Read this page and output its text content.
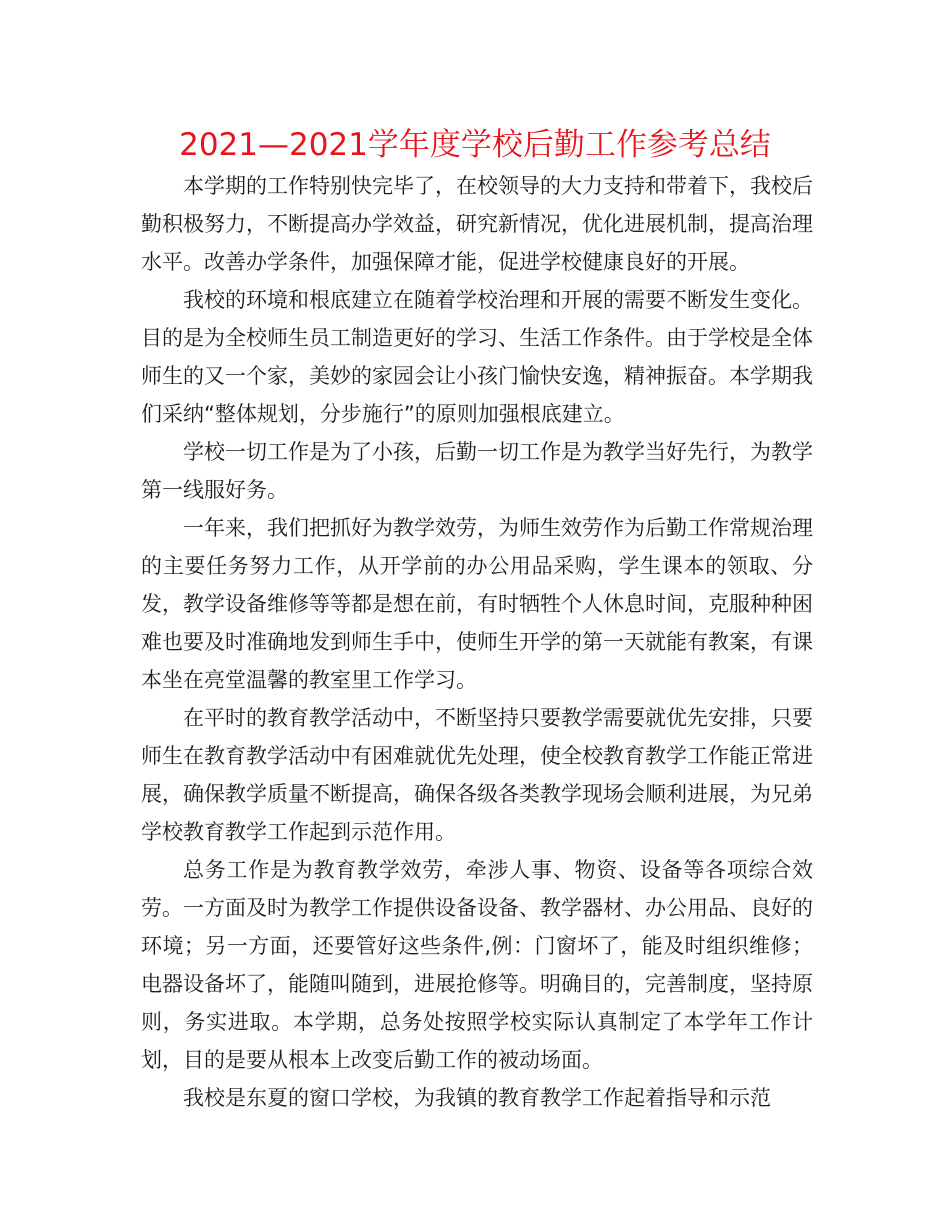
2021—2021学年度学校后勤工作参考总结

本学期的工作特别快完毕了，在校领导的大力支持和带着下，我校后勤积极努力，不断提高办学效益，研究新情况，优化进展机制，提高治理水平。改善办学条件，加强保障才能，促进学校健康良好的开展。

我校的环境和根底建立在随着学校治理和开展的需要不断发生变化。目的是为全校师生员工制造更好的学习、生活工作条件。由于学校是全体师生的又一个家，美妙的家园会让小孩门愉快安逸，精神振奋。本学期我们采纳“整体规划，分步施行”的原则加强根底建立。

学校一切工作是为了小孩，后勤一切工作是为教学当好先行，为教学第一线服好务。

一年来，我们把抓好为教学效劳，为师生效劳作为后勤工作常规治理的主要任务努力工作，从开学前的办公用品采购，学生课本的领取、分发，教学设备维修等等都是想在前，有时牺牲个人休息时间，克服种种困难也要及时准确地发到师生手中，使师生开学的第一天就能有教案，有课本坐在亮堂温馨的教室里工作学习。

在平时的教育教学活动中，不断坚持只要教学需要就优先安排，只要师生在教育教学活动中有困难就优先处理，使全校教育教学工作能正常进展，确保教学质量不断提高，确保各级各类教学现场会顺利进展，为兄弟学校教育教学工作起到示范作用。

总务工作是为教育教学效劳，牵涉人事、物资、设备等各项综合效劳。一方面及时为教学工作提供设备设备、教学器材、办公用品、良好的环境；另一方面，还要管好这些条件,例：门窗坏了，能及时组织维修；电器设备坏了，能随叫随到，进展抢修等。明确目的，完善制度，坚持原则，务实进取。本学期，总务处按照学校实际认真制定了本学年工作计划，目的是要从根本上改变后勤工作的被动场面。

我校是东夏的窗口学校，为我镇的教育教学工作起着指导和示范
